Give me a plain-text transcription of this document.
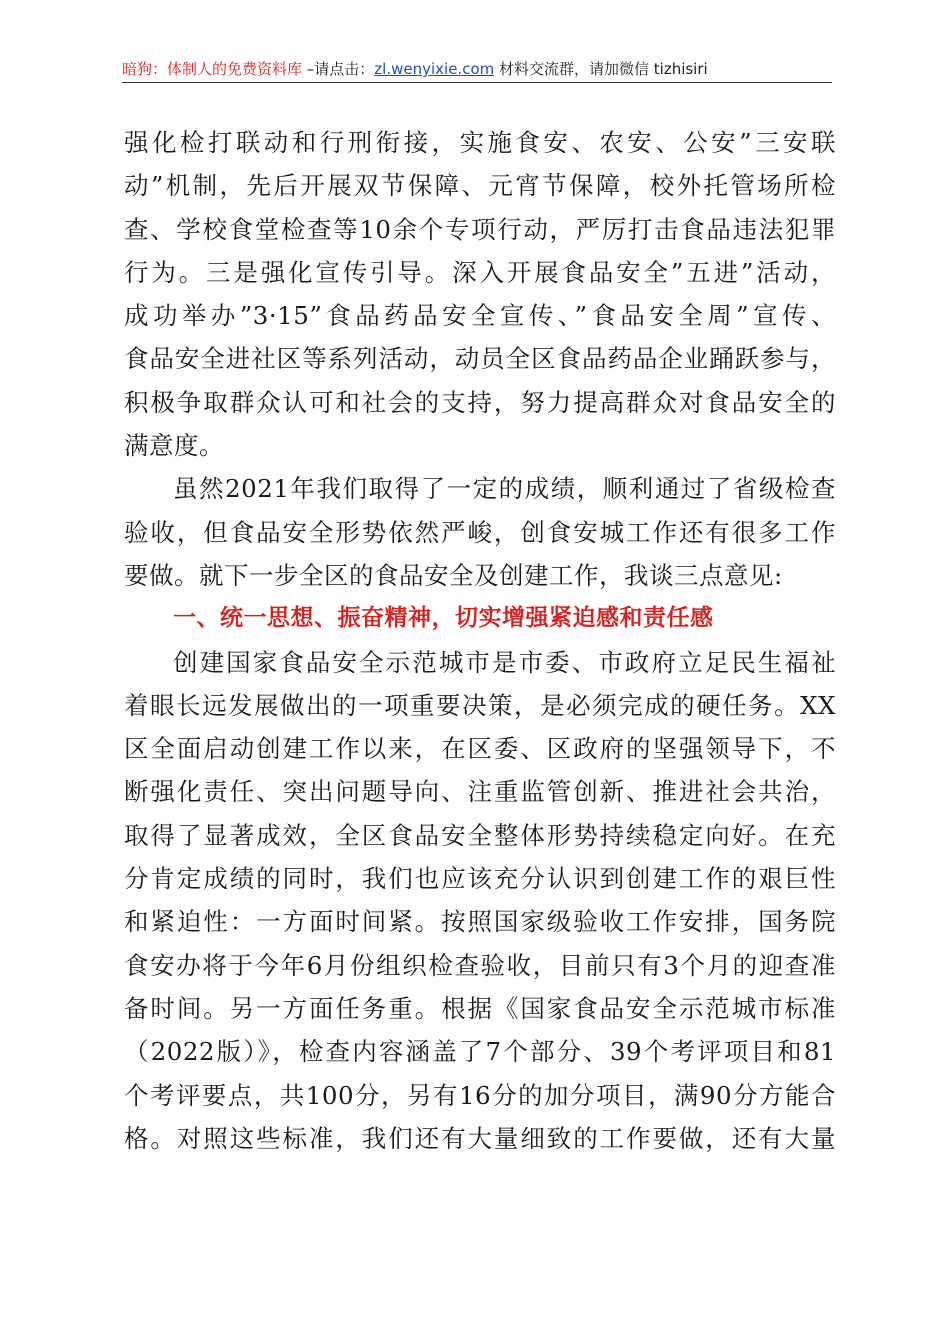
暗狗：体制人的免费资料库 –请点击：zl.wenyixie.com 材料交流群，请加微信 tizhisiri
强化检打联动和行刑衔接，实施食安、农安、公安”三安联
动”机制，先后开展双节保障、元宵节保障，校外托管场所检
查、学校食堂检查等10余个专项行动，严厉打击食品违法犯罪
行为。三是强化宣传引导。深入开展食品安全”五进”活动，
成功举办”3·15”食品药品安全宣传、”食品安全周”宣传、
食品安全进社区等系列活动，动员全区食品药品企业踊跃参与，
积极争取群众认可和社会的支持，努力提高群众对食品安全的
满意度。
虽然2021年我们取得了一定的成绩，顺利通过了省级检查
验收，但食品安全形势依然严峻，创食安城工作还有很多工作
要做。就下一步全区的食品安全及创建工作，我谈三点意见:
一、统一思想、振奋精神，切实增强紧迫感和责任感
创建国家食品安全示范城市是市委、市政府立足民生福祉
着眼长远发展做出的一项重要决策，是必须完成的硬任务。XX
区全面启动创建工作以来，在区委、区政府的坚强领导下，不
断强化责任、突出问题导向、注重监管创新、推进社会共治，
取得了显著成效，全区食品安全整体形势持续稳定向好。在充
分肯定成绩的同时，我们也应该充分认识到创建工作的艰巨性
和紧迫性：一方面时间紧。按照国家级验收工作安排，国务院
食安办将于今年6月份组织检查验收，目前只有3个月的迎查准
备时间。另一方面任务重。根据《国家食品安全示范城市标准
（2022版）》，检查内容涵盖了7个部分、39个考评项目和81
个考评要点，共100分，另有16分的加分项目，满90分方能合
格。对照这些标准，我们还有大量细致的工作要做，还有大量
